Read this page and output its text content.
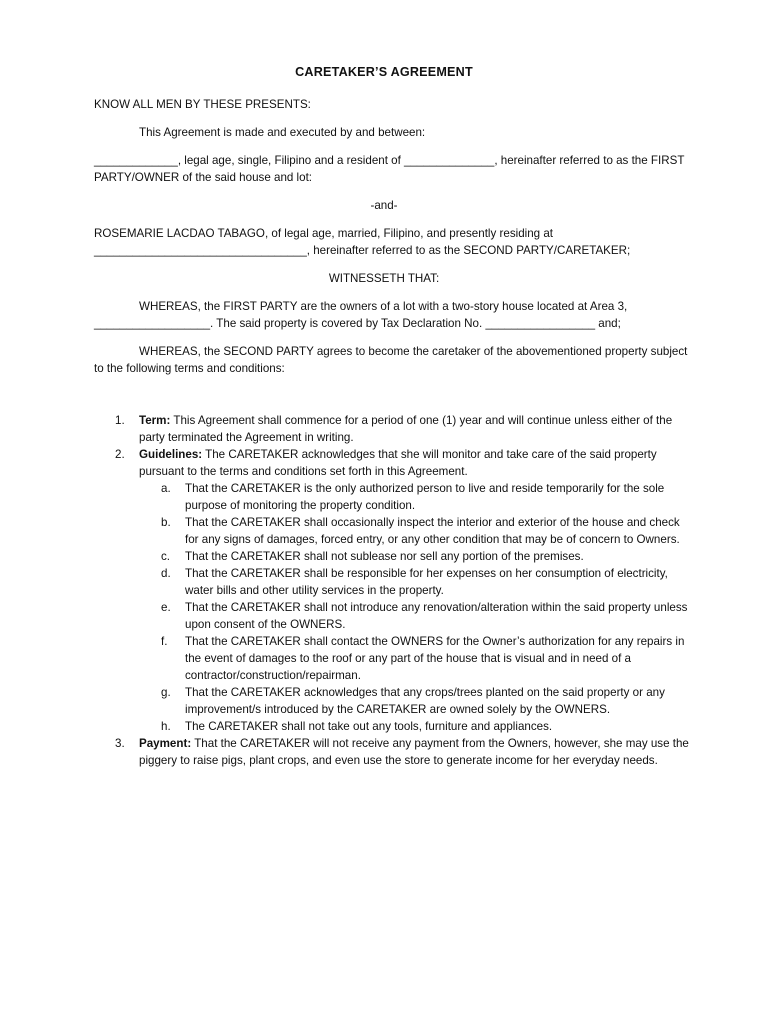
CARETAKER’S AGREEMENT
KNOW ALL MEN BY THESE PRESENTS:
This Agreement is made and executed by and between:
_____________, legal age, single, Filipino and a resident of ______________, hereinafter referred to as the FIRST PARTY/OWNER of the said house and lot:
-and-
ROSEMARIE LACDAO TABAGO, of legal age, married, Filipino, and presently residing at _________________________________, hereinafter referred to as the SECOND PARTY/CARETAKER;
WITNESSETH THAT:
WHEREAS, the FIRST PARTY are the owners of a lot with a two-story house located at Area 3, __________________. The said property is covered by Tax Declaration No. _________________ and;
WHEREAS, the SECOND PARTY agrees to become the caretaker of the abovementioned property subject to the following terms and conditions:
1. Term: This Agreement shall commence for a period of one (1) year and will continue unless either of the party terminated the Agreement in writing.
2. Guidelines: The CARETAKER acknowledges that she will monitor and take care of the said property pursuant to the terms and conditions set forth in this Agreement.
a. That the CARETAKER is the only authorized person to live and reside temporarily for the sole purpose of monitoring the property condition.
b. That the CARETAKER shall occasionally inspect the interior and exterior of the house and check for any signs of damages, forced entry, or any other condition that may be of concern to Owners.
c. That the CARETAKER shall not sublease nor sell any portion of the premises.
d. That the CARETAKER shall be responsible for her expenses on her consumption of electricity, water bills and other utility services in the property.
e. That the CARETAKER shall not introduce any renovation/alteration within the said property unless upon consent of the OWNERS.
f. That the CARETAKER shall contact the OWNERS for the Owner’s authorization for any repairs in the event of damages to the roof or any part of the house that is visual and in need of a contractor/construction/repairman.
g. That the CARETAKER acknowledges that any crops/trees planted on the said property or any improvement/s introduced by the CARETAKER are owned solely by the OWNERS.
h. The CARETAKER shall not take out any tools, furniture and appliances.
3. Payment: That the CARETAKER will not receive any payment from the Owners, however, she may use the piggery to raise pigs, plant crops, and even use the store to generate income for her everyday needs.
